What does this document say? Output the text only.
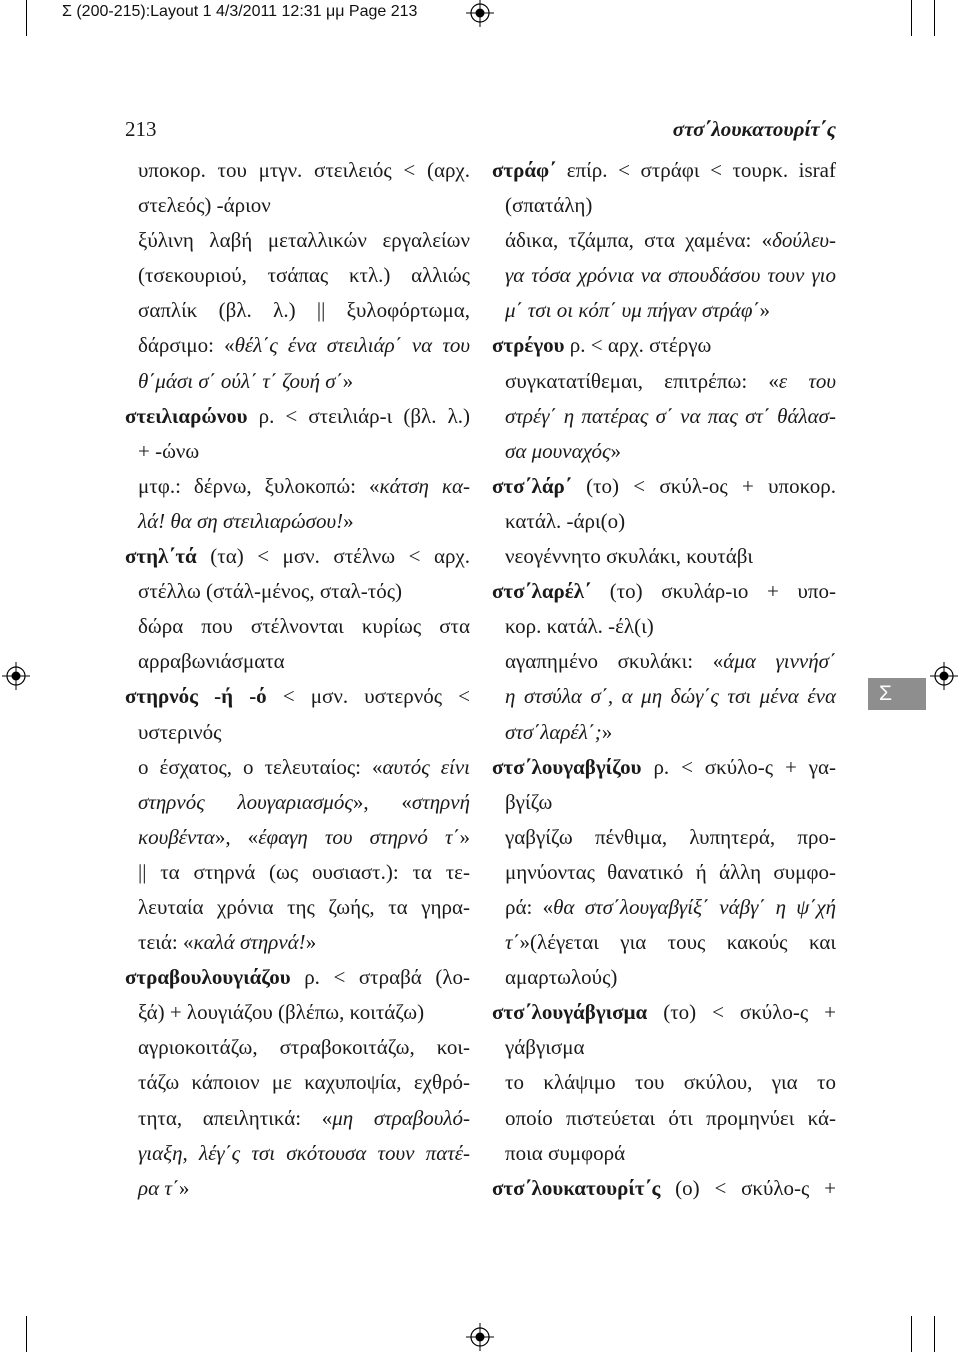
Σ (200-215):Layout 1 4/3/2011 12:31 μμ Page 213
213	στσ΄λουκατουρίτ΄ς
υποκορ. του μτγν. στειλειός < (αρχ.
στελεός) -άριον
ξύλινη λαβή μεταλλικών εργαλείων
(τσεκουριού, τσάπας κτλ.) αλλιώς
σαπλίκ (βλ. λ.) || ξυλοφόρτωμα,
δάρσιμο: «θέλ΄ς ένα στειλιάρ΄ να του
θ΄μάσι σ΄ ούλ΄ τ΄ ζουή σ΄»
στειλιαρώνου ρ. < στειλιάρ-ι (βλ. λ.)
+ -ώνω
μτφ.: δέρνω, ξυλοκοπώ: «κάτση κα-
λά! θα ση στειλιαρώσου!»
στηλ΄τά (τα) < μσν. στέλνω < αρχ.
στέλλω (στάλ-μένος, σταλ-τός)
δώρα που στέλνονται κυρίως στα
αρραβωνιάσματα
στηρνός -ή -ό < μσν. υστερνός <
υστερινός
ο έσχατος, ο τελευταίος: «αυτός είνι
στηρνός λουγαριασμός», «στηρνή
κουβέντα», «έφαγη του στηρνό τ΄»
|| τα στηρνά (ως ουσιαστ.): τα τε-
λευταία χρόνια της ζωής, τα γηρα-
τειά: «καλά στηρνά!»
στραβουλουγιάζου ρ. < στραβά (λο-
ξά) + λουγιάζου (βλέπω, κοιτάζω)
αγριοκοιτάζω, στραβοκοιτάζω, κοι-
τάζω κάποιον με καχυποψία, εχθρό-
τητα, απειλητικά: «μη στραβουλό-
γιαξη, λέγ΄ς τσι σκότουσα τουν πατέ-
ρα τ΄»
στράφ΄ επίρ. < στράφι < τουρκ. israf
(σπατάλη)
άδικα, τζάμπα, στα χαμένα: «δούλευ-
γα τόσα χρόνια να σπουδάσου τουν γιο
μ΄ τσι οι κόπ΄ υμ πήγαν στράφ΄»
στρέγου ρ. < αρχ. στέργω
συγκατατίθεμαι, επιτρέπω: «ε του
στρέγ΄ η πατέρας σ΄ να πας στ΄ θάλασ-
σα μουναχός»
στσ΄λάρ΄ (το) < σκύλ-ος + υποκορ.
κατάλ. -άρι(ο)
νεογέννητο σκυλάκι, κουτάβι
στσ΄λαρέλ΄ (το) σκυλάρ-ιο + υπο-
κορ. κατάλ. -έλ(ι)
αγαπημένο σκυλάκι: «άμα γιννήσ΄
η στσύλα σ΄, α μη δώγ΄ς τσι μένα ένα
στσ΄λαρέλ΄;»
στσ΄λουγαβγίζου ρ. < σκύλο-ς + γα-
βγίζω
γαβγίζω πένθιμα, λυπητερά, προ-
μηνύοντας θανατικό ή άλλη συμφο-
ρά: «θα στσ΄λουγαβγίξ΄ νάβγ΄ η ψ΄χή
τ΄»(λέγεται για τους κακούς και
αμαρτωλούς)
στσ΄λουγάβγισμα (το) < σκύλο-ς +
γάβγισμα
το κλάψιμο του σκύλου, για το
οποίο πιστεύεται ότι προμηνύει κά-
ποια συμφορά
στσ΄λουκατουρίτ΄ς (ο) < σκύλο-ς +
Σ
